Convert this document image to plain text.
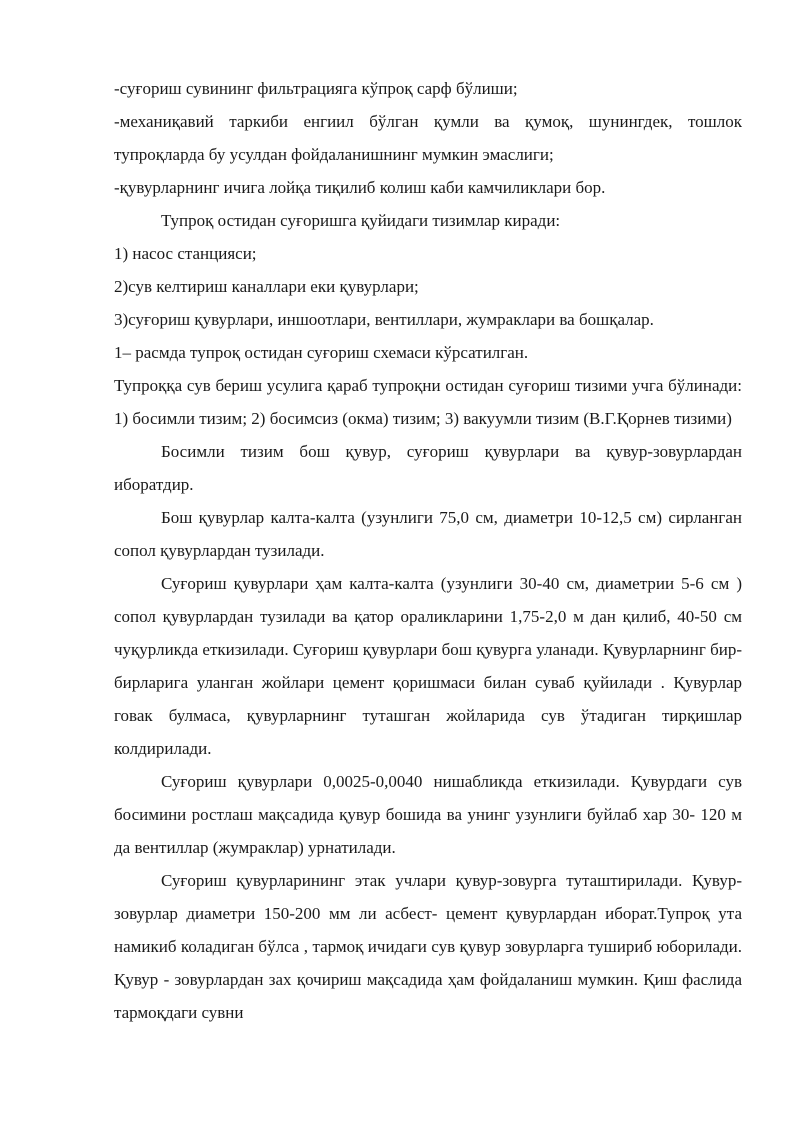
-суғориш сувининг фильтрацияга кўпроқ сарф бўлиши;

-механиқавий таркиби енгиил бўлган қумли ва қумоқ, шунингдек, тошлок тупроқларда бу усулдан фойдаланишнинг мумкин эмаслиги;

-қувурларнинг ичига лойқа тиқилиб колиш каби камчиликлари бор.

Тупроқ остидан суғоришга қуйидаги тизимлар киради:

1) насос станцияси;

2)сув келтириш каналлари еки қувурлари;

3)суғориш қувурлари, иншоотлари, вентиллари, жумраклари ва бошқалар.

1– расмда тупроқ остидан суғориш схемаси кўрсатилган.

Тупроққа сув бериш усулига қараб тупроқни остидан суғориш тизими учга бўлинади: 1) босимли тизим; 2) босимсиз (окма) тизим; 3) вакуумли тизим (В.Г.Қорнев тизими)

Босимли тизим бош қувур, суғориш қувурлари ва қувур-зовурлардан иборатдир.

Бош қувурлар калта-калта (узунлиги 75,0 см, диаметри 10-12,5 см) сирланган сопол қувурлардан тузилади.

Суғориш қувурлари ҳам калта-калта (узунлиги 30-40 см, диаметрии 5-6 см ) сопол қувурлардан тузилади ва қатор ораликларини 1,75-2,0 м дан қилиб, 40-50 см чуқурликда еткизилади. Суғориш қувурлари бош қувурга уланади. Қувурларнинг бир-бирларига уланган жойлари цемент қоришмаси билан суваб қуйилади . Қувурлар говак булмаса, қувурларнинг туташган жойларида сув ўтадиган тирқишлар колдирилади.

Суғориш қувурлари 0,0025-0,0040 нишабликда еткизилади. Қувурдаги сув босимини ростлаш мақсадида қувур бошида ва унинг узунлиги буйлаб хар 30- 120 м да вентиллар (жумраклар) урнатилади.

Суғориш қувурларининг этак учлари қувур-зовурга туташтирилади. Қувур-зовурлар диаметри 150-200 мм ли асбест- цемент қувурлардан иборат.Тупроқ ута намикиб коладиган бўлса , тармоқ ичидаги сув қувур зовурларга тушириб юборилади. Қувур - зовурлардан зах қочириш мақсадида ҳам фойдаланиш мумкин. Қиш фаслида тармоқдаги сувни
